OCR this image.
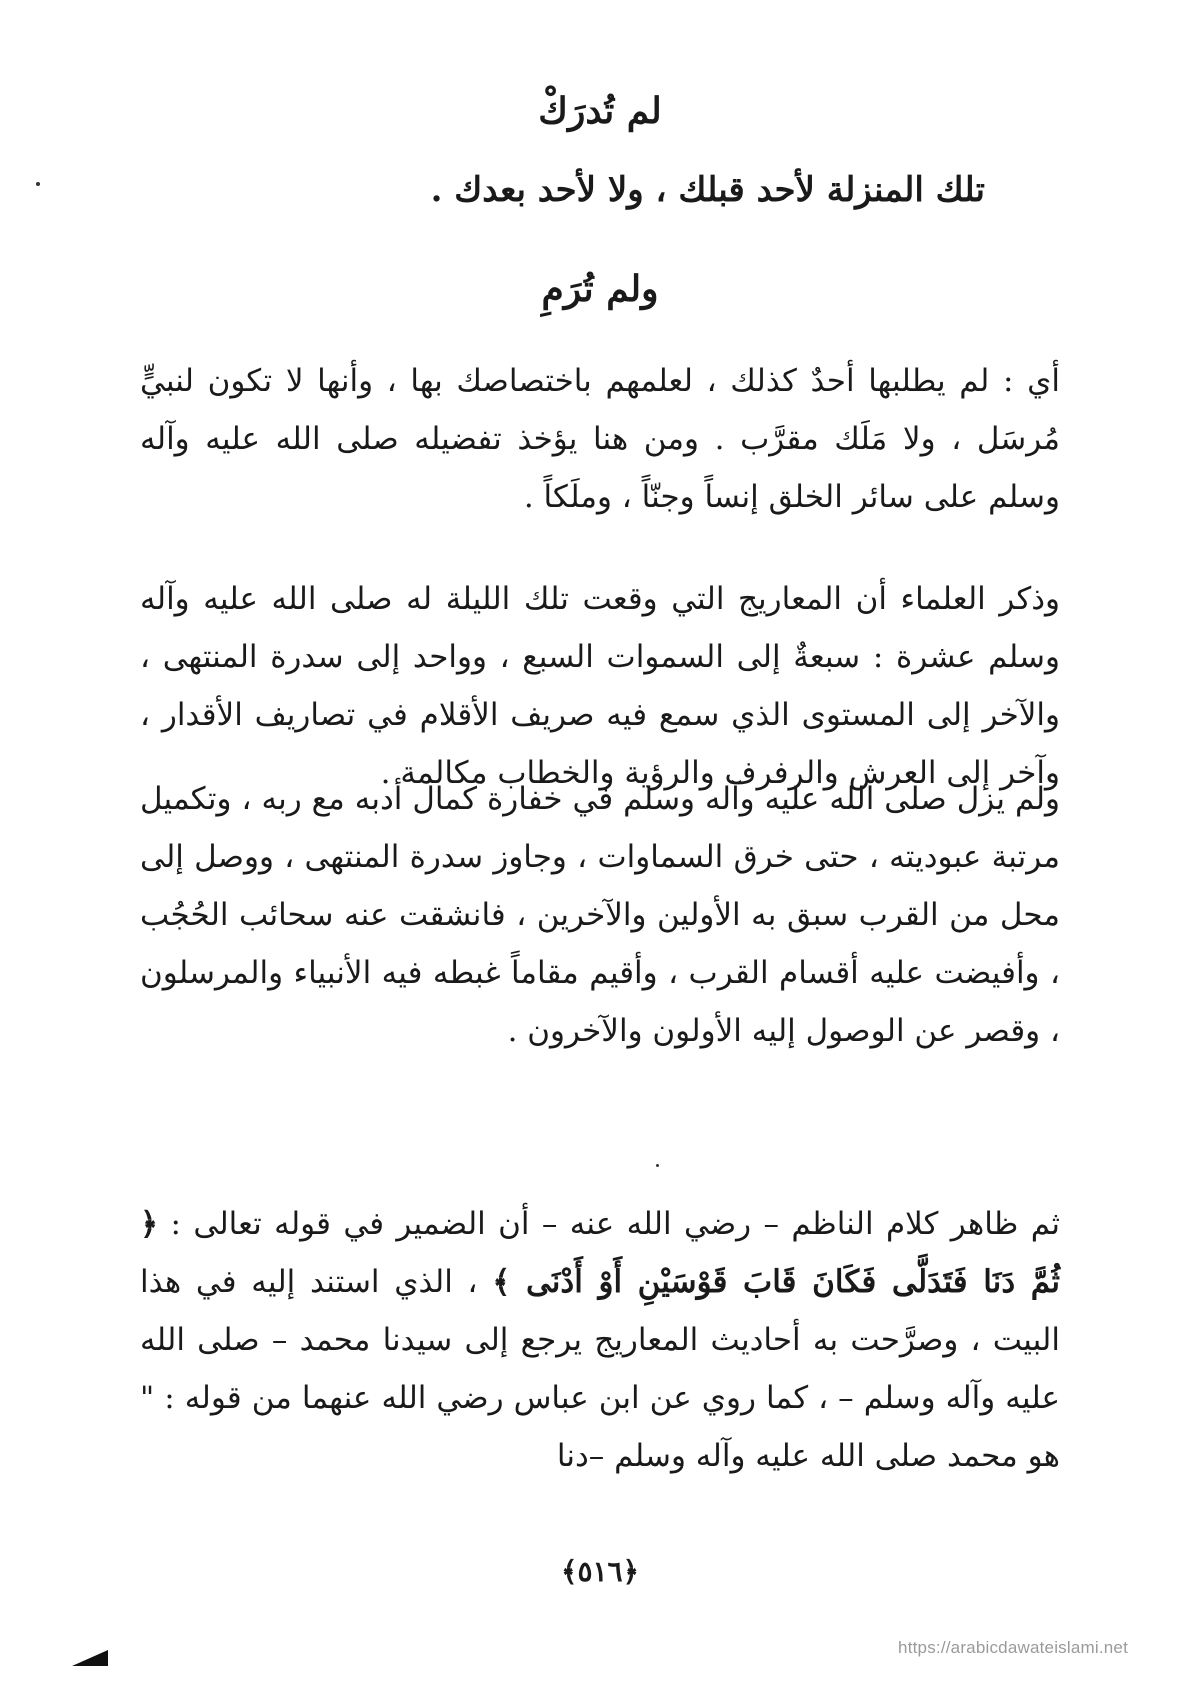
لم تُدرَكْ
تلك المنزلة لأحد قبلك ، ولا لأحد بعدك .
ولم تُرَمِ
أي : لم يطلبها أحدٌ كذلك ، لعلمهم باختصاصك بها ، وأنها لا تكون لنبيٍّ مُرسَل ، ولا مَلَك مقرَّب . ومن هنا يؤخذ تفضيله صلى الله عليه وآله وسلم على سائر الخلق إنساً وجنّاً ، وملَكاً .
وذكر العلماء أن المعاريج التي وقعت تلك الليلة له صلى الله عليه وآله وسلم عشرة : سبعةٌ إلى السموات السبع ، وواحد إلى سدرة المنتهى ، والآخر إلى المستوى الذي سمع فيه صريف الأقلام في تصاريف الأقدار ، وآخر إلى العرش والرفرف والرؤية والخطاب مكالمة .
ولم يزل صلى الله عليه وآله وسلم في خفارة كمال أدبه مع ربه ، وتكميل مرتبة عبوديته ، حتى خرق السماوات ، وجاوز سدرة المنتهى ، ووصل إلى محل من القرب سبق به الأولين والآخرين ، فانشقت عنه سحائب الحُجُب ، وأفيضت عليه أقسام القرب ، وأقيم مقاماً غبطه فيه الأنبياء والمرسلون ، وقصر عن الوصول إليه الأولون والآخرون .
ثم ظاهر كلام الناظم – رضي الله عنه – أن الضمير في قوله تعالى : ﴿ ثُمَّ دَنَا فَتَدَلَّى فَكَانَ قَابَ قَوْسَيْنِ أَوْ أَدْنَى ﴾ ، الذي استند إليه في هذا البيت ، وصرَّحت به أحاديث المعاريج يرجع إلى سيدنا محمد – صلى الله عليه وآله وسلم – ، كما روي عن ابن عباس رضي الله عنهما من قوله : " هو محمد صلى الله عليه وآله وسلم –دنا
﴿٥١٦﴾
https://arabicdawateislami.net
